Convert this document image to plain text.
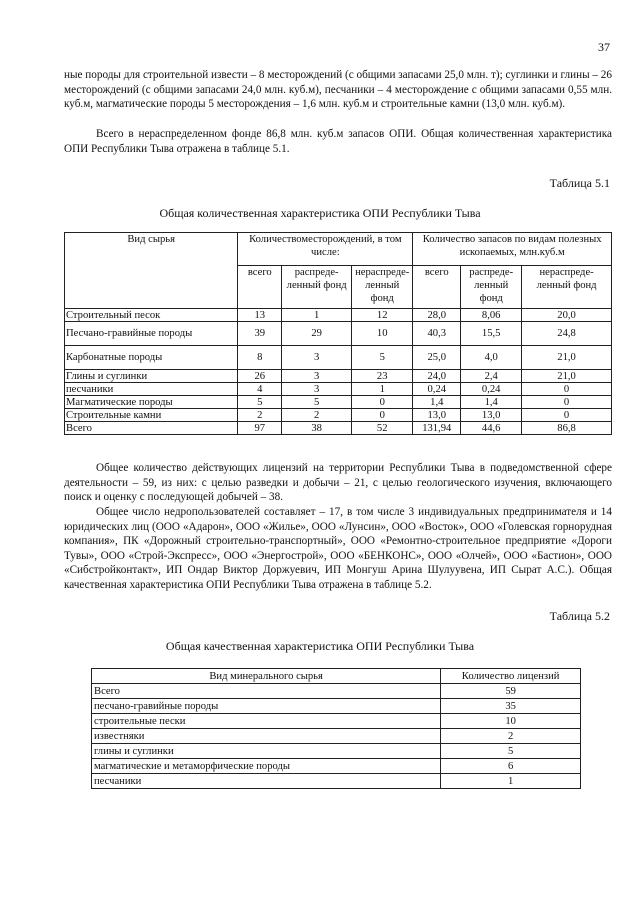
37

ные породы для строительной извести – 8 месторождений (с общими запасами 25,0 млн. т); суглинки и глины – 26 месторождений (с общими запасами 24,0 млн. куб.м), песчаники – 4 месторождение с общими запасами 0,55 млн. куб.м, магматические породы 5 месторождения – 1,6 млн. куб.м и строительные камни (13,0 млн. куб.м).

Всего в нераспределенном фонде 86,8 млн. куб.м запасов ОПИ. Общая количественная характеристика ОПИ Республики Тыва отражена в таблице 5.1.

Таблица 5.1
Общая количественная характеристика ОПИ Республики Тыва
Вид сырья	Количествоместорождений, в том числе:			Количество запасов по видам полезных ископаемых, млн.куб.м		
	всего	распреде-ленный фонд	нераспреде-ленный фонд	всего	распреде-ленный фонд	нераспреде-ленный фонд
Строительный песок	13	1	12	28,0	8,06	20,0
Песчано-гравийные породы	39	29	10	40,3	15,5	24,8
Карбонатные породы	8	3	5	25,0	4,0	21,0
Глины и суглинки	26	3	23	24,0	2,4	21,0
песчаники	4	3	1	0,24	0,24	0
Магматические породы	5	5	0	1,4	1,4	0
Строительные камни	2	2	0	13,0	13,0	0
Всего	97	38	52	131,94	44,6	86,8

Общее количество действующих лицензий на территории Республики Тыва в подведомственной сфере деятельности – 59, из них: с целью разведки и добычи – 21, с целью геологического изучения, включающего поиск и оценку с последующей добычей – 38.

Общее число недропользователей составляет – 17, в том числе 3 индивидуальных предпринимателя и 14 юридических лиц (ООО «Адарон», ООО «Жилье», ООО «Лунсин», ООО «Восток», ООО «Голевская горнорудная компания», ПК «Дорожный строительно-транспортный», ООО «Ремонтно-строительное предприятие «Дороги Тувы», ООО «Строй-Экспресс», ООО «Энергострой», ООО «БЕНКОНС», ООО «Олчей», ООО «Бастион», ООО «Сибстройконтакт», ИП Ондар Виктор Доржуевич, ИП Монгуш Арина Шулуувена, ИП Сырат А.С.). Общая качественная характеристика ОПИ Республики Тыва отражена в таблице 5.2.

Таблица 5.2
Общая качественная характеристика ОПИ Республики Тыва
Вид минерального сырья	Количество лицензий
Всего	59
песчано-гравийные породы	35
строительные пески	10
известняки	2
глины и суглинки	5
магматические и метаморфические породы	6
песчаники	1
